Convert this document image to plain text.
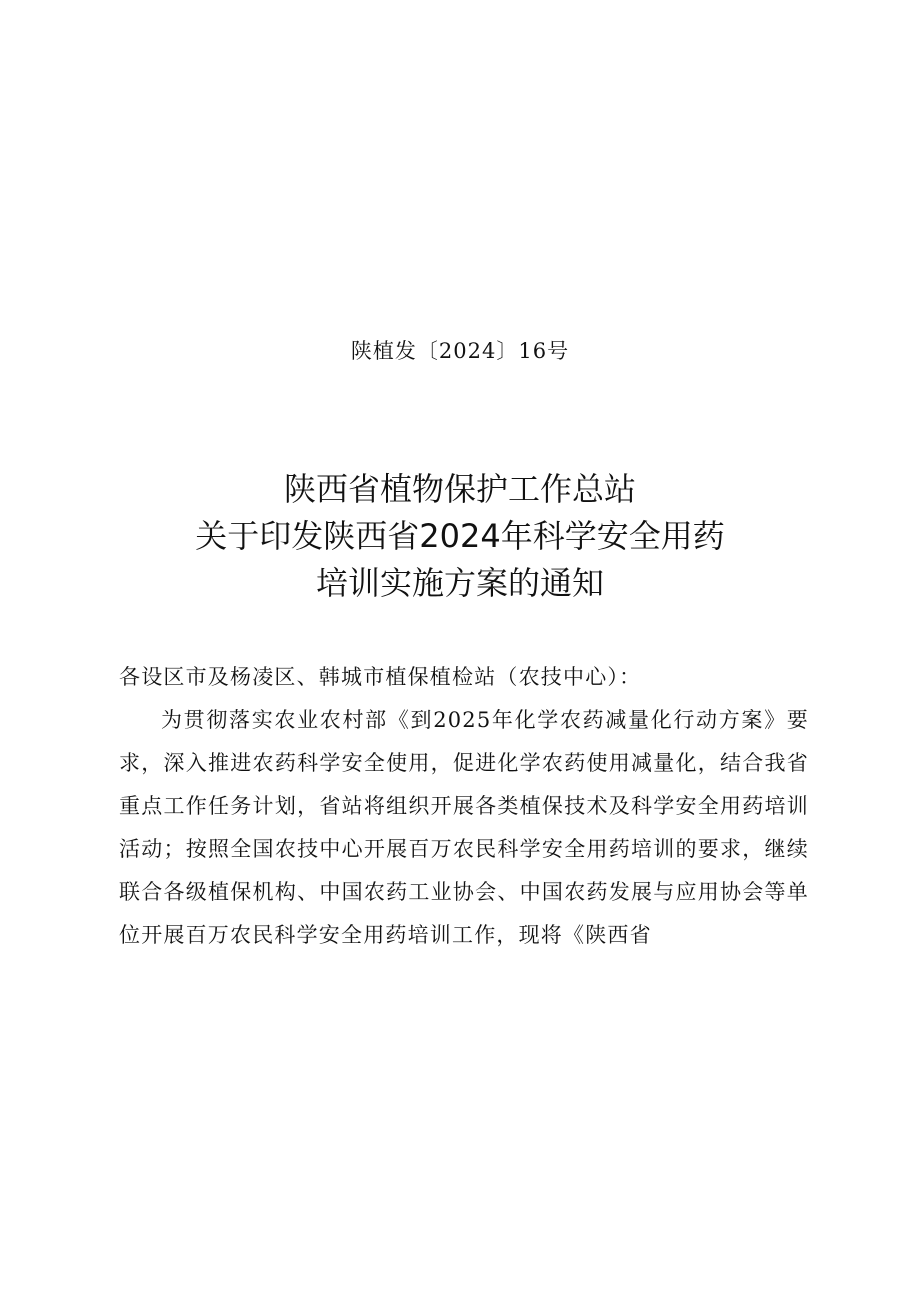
陕植发〔2024〕16号
陕西省植物保护工作总站
关于印发陕西省2024年科学安全用药
培训实施方案的通知
各设区市及杨凌区、韩城市植保植检站（农技中心）：

为贯彻落实农业农村部《到2025年化学农药减量化行动方案》要求，深入推进农药科学安全使用，促进化学农药使用减量化，结合我省重点工作任务计划，省站将组织开展各类植保技术及科学安全用药培训活动；按照全国农技中心开展百万农民科学安全用药培训的要求，继续联合各级植保机构、中国农药工业协会、中国农药发展与应用协会等单位开展百万农民科学安全用药培训工作，现将《陕西省
